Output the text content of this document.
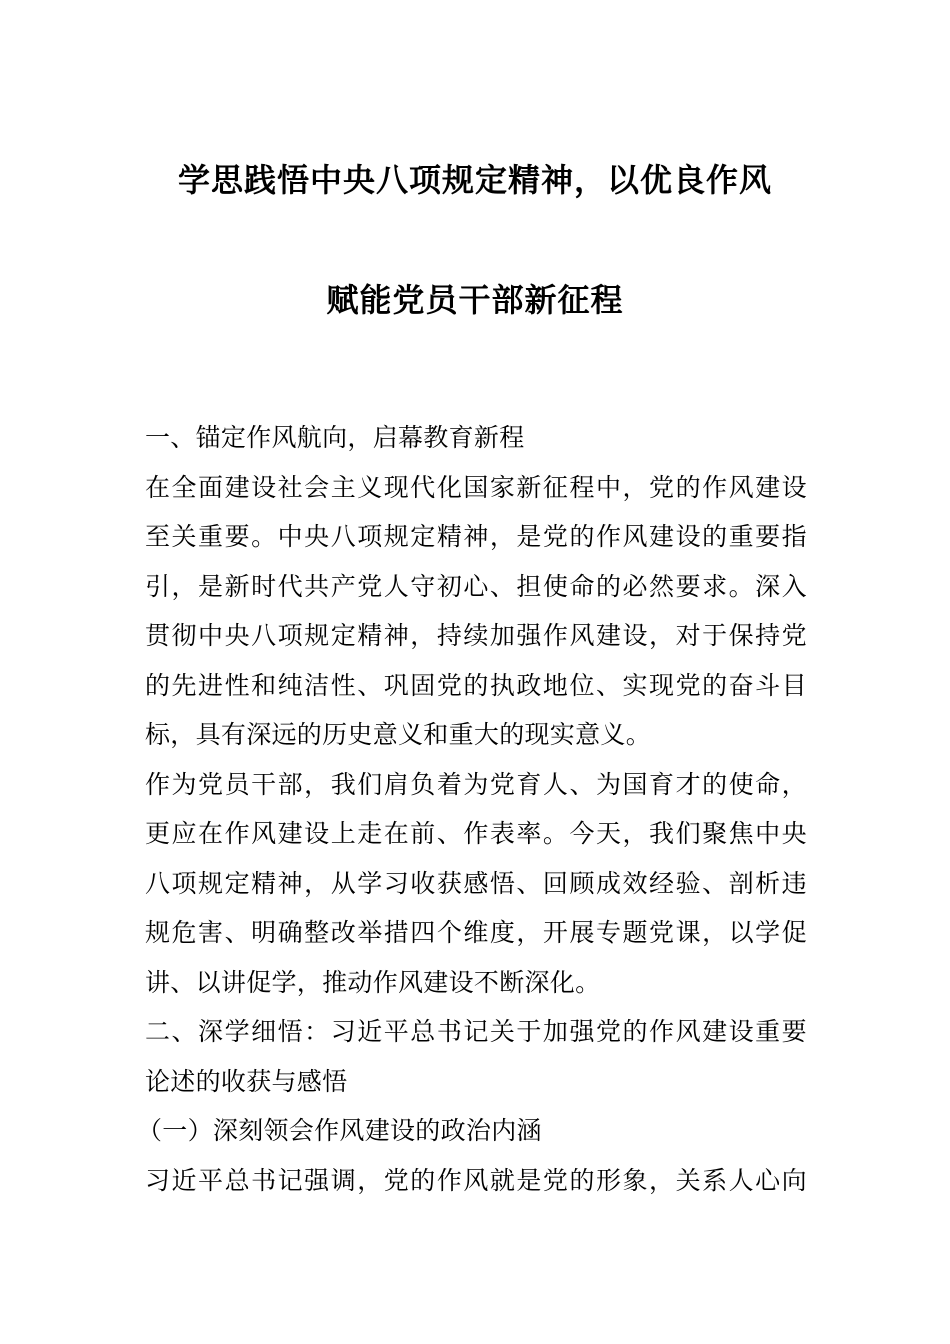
学思践悟中央八项规定精神，以优良作风
赋能党员干部新征程
一、锚定作风航向，启幕教育新程
在全面建设社会主义现代化国家新征程中，党的作风建设
至关重要。中央八项规定精神，是党的作风建设的重要指
引，是新时代共产党人守初心、担使命的必然要求。深入
贯彻中央八项规定精神，持续加强作风建设，对于保持党
的先进性和纯洁性、巩固党的执政地位、实现党的奋斗目
标，具有深远的历史意义和重大的现实意义。
作为党员干部，我们肩负着为党育人、为国育才的使命，
更应在作风建设上走在前、作表率。今天，我们聚焦中央
八项规定精神，从学习收获感悟、回顾成效经验、剖析违
规危害、明确整改举措四个维度，开展专题党课，以学促
讲、以讲促学，推动作风建设不断深化。
二、深学细悟：习近平总书记关于加强党的作风建设重要
论述的收获与感悟
（一）深刻领会作风建设的政治内涵
习近平总书记强调，党的作风就是党的形象，关系人心向
